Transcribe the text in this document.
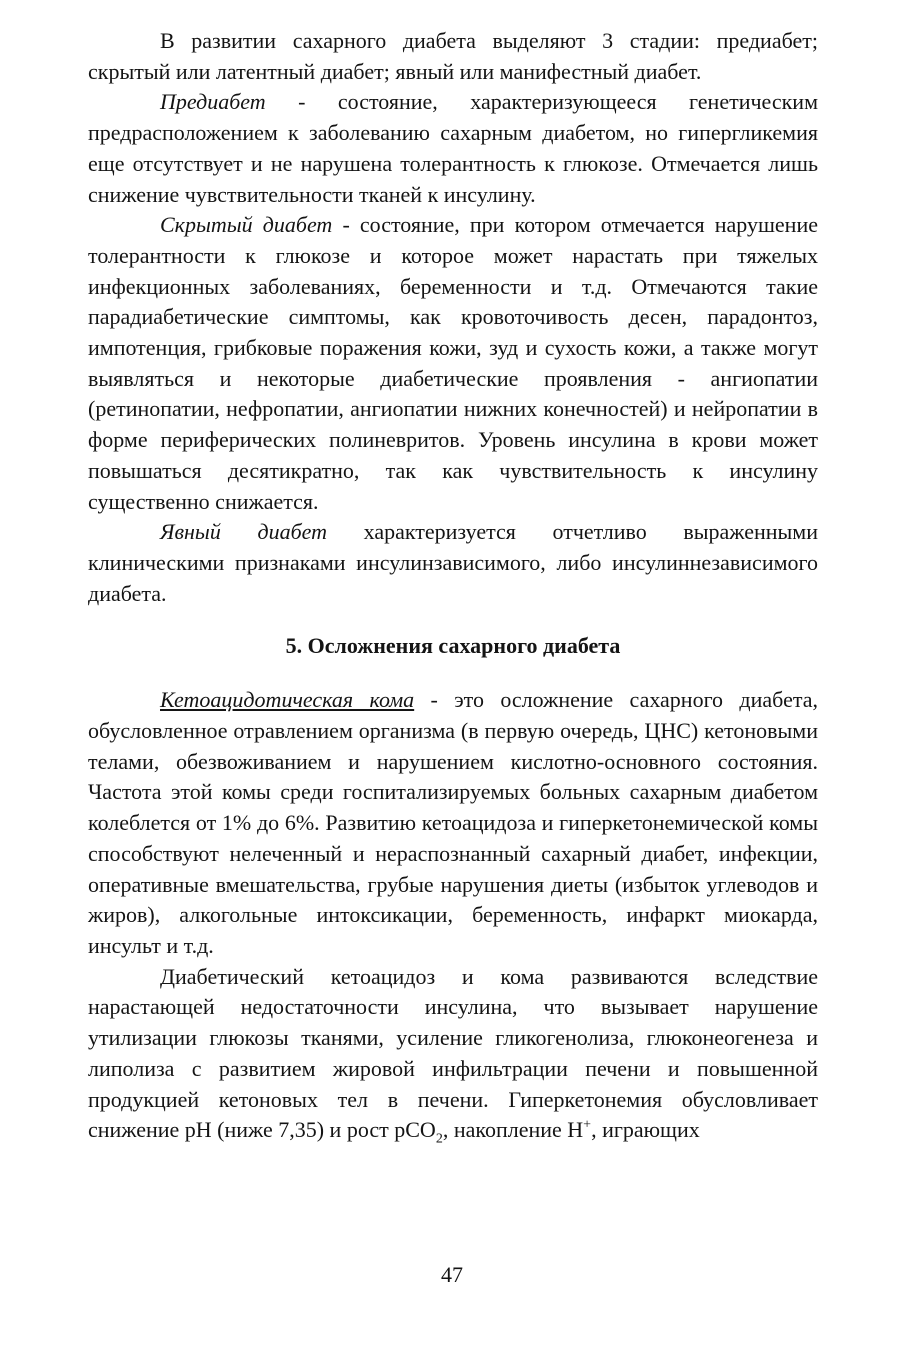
В развитии сахарного диабета выделяют 3 стадии: предиабет; скрытый или латентный диабет; явный или манифестный диабет.

Предиабет - состояние, характеризующееся генетическим предрасположением к заболеванию сахарным диабетом, но гипергликемия еще отсутствует и не нарушена толерантность к глюкозе. Отмечается лишь снижение чувствительности тканей к инсулину.

Скрытый диабет - состояние, при котором отмечается нарушение толерантности к глюкозе и которое может нарастать при тяжелых инфекционных заболеваниях, беременности и т.д. Отмечаются такие парадиабетические симптомы, как кровоточивость десен, парадонтоз, импотенция, грибковые поражения кожи, зуд и сухость кожи, а также могут выявляться и некоторые диабетические проявления - ангиопатии (ретинопатии, нефропатии, ангиопатии нижних конечностей) и нейропатии в форме периферических полиневритов. Уровень инсулина в крови может повышаться десятикратно, так как чувствительность к инсулину существенно снижается.

Явный диабет характеризуется отчетливо выраженными клиническими признаками инсулинзависимого, либо инсулиннезависимого диабета.

5. Осложнения сахарного диабета

Кетоацидотическая кома - это осложнение сахарного диабета, обусловленное отравлением организма (в первую очередь, ЦНС) кетоновыми телами, обезвоживанием и нарушением кислотно-основного состояния. Частота этой комы среди госпитализируемых больных сахарным диабетом колеблется от 1% до 6%. Развитию кетоацидоза и гиперкетонемической комы способствуют нелеченный и нераспознанный сахарный диабет, инфекции, оперативные вмешательства, грубые нарушения диеты (избыток углеводов и жиров), алкогольные интоксикации, беременность, инфаркт миокарда, инсульт и т.д.

Диабетический кетоацидоз и кома развиваются вследствие нарастающей недостаточности инсулина, что вызывает нарушение утилизации глюкозы тканями, усиление гликогенолиза, глюконеогенеза и липолиза с развитием жировой инфильтрации печени и повышенной продукцией кетоновых тел в печени. Гиперкетонемия обусловливает снижение pH (ниже 7,35) и рост pCO$_2$, накопление H+, играющих

47
